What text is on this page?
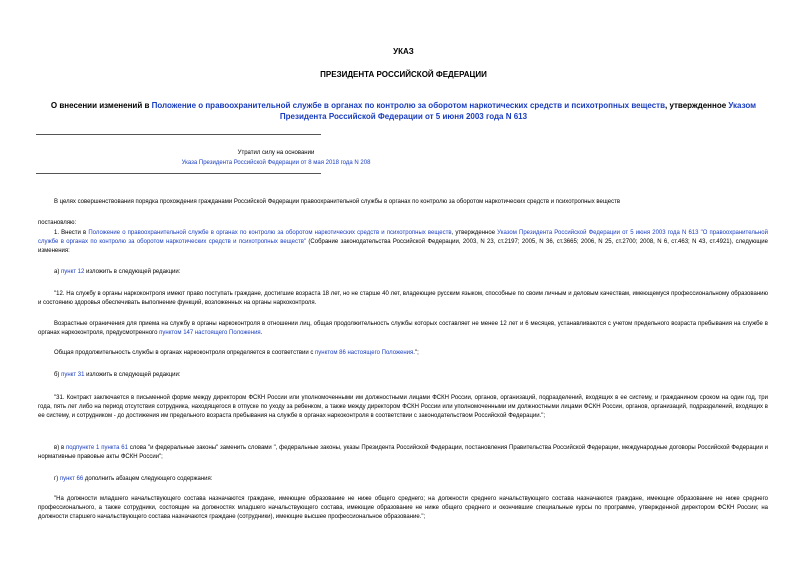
УКАЗ
ПРЕЗИДЕНТА РОССИЙСКОЙ ФЕДЕРАЦИИ
О внесении изменений в Положение о правоохранительной службе в органах по контролю за оборотом наркотических средств и психотропных веществ, утвержденное Указом Президента Российской Федерации от 5 июня 2003 года N 613
Утратил силу на основании
Указа Президента Российской Федерации от 8 мая 2018 года N 208
В целях совершенствования порядка прохождения гражданами Российской Федерации правоохранительной службы в органах по контролю за оборотом наркотических средств и психотропных веществ
постановляю:
1. Внести в Положение о правоохранительной службе в органах по контролю за оборотом наркотических средств и психотропных веществ, утвержденное Указом Президента Российской Федерации от 5 июня 2003 года N 613 "О правоохранительной службе в органах по контролю за оборотом наркотических средств и психотропных веществ" (Собрание законодательства Российской Федерации, 2003, N 23, ст.2197; 2005, N 36, ст.3665; 2006, N 25, ст.2700; 2008, N 6, ст.463; N 43, ст.4921), следующие изменения:
а) пункт 12 изложить в следующей редакции:
"12. На службу в органы наркоконтроля имеют право поступать граждане, достигшие возраста 18 лет, но не старше 40 лет, владеющие русским языком, способные по своим личным и деловым качествам, имеющемуся профессиональному образованию и состоянию здоровья обеспечивать выполнение функций, возложенных на органы наркоконтроля.
Возрастные ограничения для приема на службу в органы наркоконтроля в отношении лиц, общая продолжительность службы которых составляет не менее 12 лет и 6 месяцев, устанавливаются с учетом предельного возраста пребывания на службе в органах наркоконтроля, предусмотренного пунктом 147 настоящего Положения.
Общая продолжительность службы в органах наркоконтроля определяется в соответствии с пунктом 86 настоящего Положения.";
б) пункт 31 изложить в следующей редакции:
"31. Контракт заключается в письменной форме между директором ФСКН России или уполномоченными им должностными лицами ФСКН России, органов, организаций, подразделений, входящих в ее систему, и гражданином сроком на один год, три года, пять лет либо на период отсутствия сотрудника, находящегося в отпуске по уходу за ребенком, а также между директором ФСКН России или уполномоченными им должностными лицами ФСКН России, органов, организаций, подразделений, входящих в ее систему, и сотрудником - до достижения им предельного возраста пребывания на службе в органах наркоконтроля в соответствии с законодательством Российской Федерации.";
в) в подпункте 1 пункта 61 слова "и федеральные законы" заменить словами ", федеральные законы, указы Президента Российской Федерации, постановления Правительства Российской Федерации, международные договоры Российской Федерации и нормативные правовые акты ФСКН России";
г) пункт 66 дополнить абзацем следующего содержания:
"На должности младшего начальствующего состава назначаются граждане, имеющие образование не ниже общего среднего; на должности среднего начальствующего состава назначаются граждане, имеющие образование не ниже среднего профессионального, а также сотрудники, состоящие на должностях младшего начальствующего состава, имеющие образование не ниже общего среднего и окончившие специальные курсы по программе, утвержденной директором ФСКН России; на должности старшего начальствующего состава назначаются граждане (сотрудники), имеющие высшее профессиональное образование.";
